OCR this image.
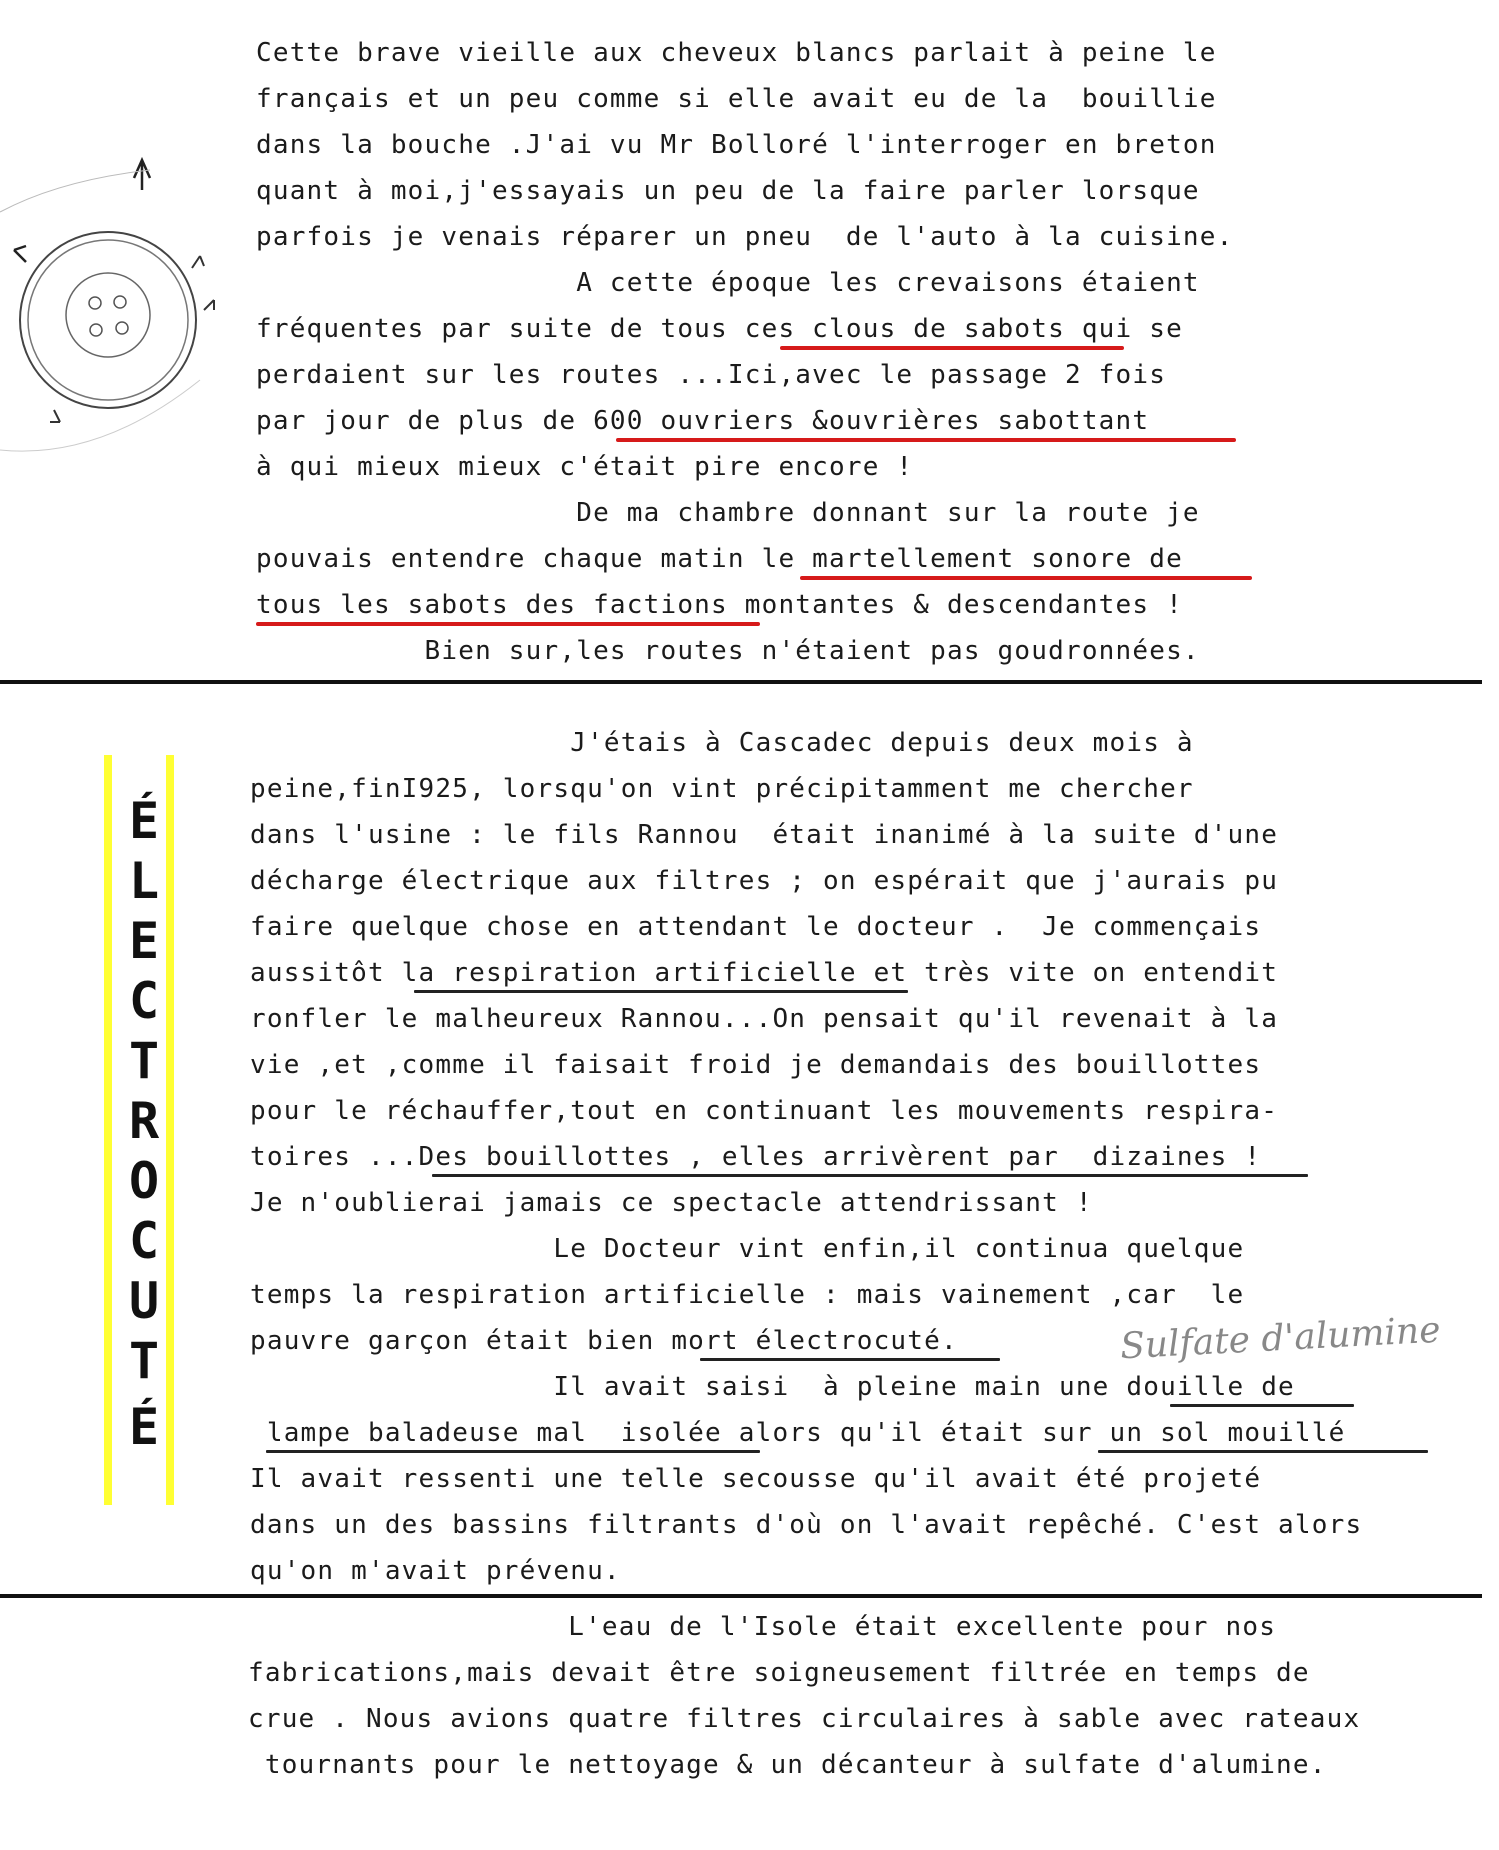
Cette brave vieille aux cheveux blancs parlait à peine le
français et un peu comme si elle avait eu de la  bouillie
dans la bouche .J'ai vu Mr Bolloré l'interroger en breton
quant à moi,j'essayais un peu de la faire parler lorsque
parfois je venais réparer un pneu  de l'auto à la cuisine.
A cette époque les crevaisons étaient
fréquentes par suite de tous ces clous de sabots qui se
perdaient sur les routes ...Ici,avec le passage 2 fois
par jour de plus de 600 ouvriers &ouvrières sabottant
à qui mieux mieux c'était pire encore !
De ma chambre donnant sur la route je
pouvais entendre chaque matin le martellement sonore de
tous les sabots des factions montantes & descendantes !
Bien sur,les routes n'étaient pas goudronnées.
É
L
E
C
T
R
O
C
U
T
É
J'étais à Cascadec depuis deux mois à
peine,finI925, lorsqu'on vint précipitamment me chercher
dans l'usine : le fils Rannou  était inanimé à la suite d'une
décharge électrique aux filtres ; on espérait que j'aurais pu
faire quelque chose en attendant le docteur .  Je commençais
aussitôt la respiration artificielle et très vite on entendit
ronfler le malheureux Rannou...On pensait qu'il revenait à la
vie ,et ,comme il faisait froid je demandais des bouillottes
pour le réchauffer,tout en continuant les mouvements respira-
toires ...Des bouillottes , elles arrivèrent par  dizaines !
Je n'oublierai jamais ce spectacle attendrissant !
Le Docteur vint enfin,il continua quelque
temps la respiration artificielle : mais vainement ,car  le
pauvre garçon était bien mort électrocuté.
Il avait saisi  à pleine main une douille de
lampe baladeuse mal  isolée alors qu'il était sur un sol mouillé
Il avait ressenti une telle secousse qu'il avait été projeté
dans un des bassins filtrants d'où on l'avait repêché. C'est alors
qu'on m'avait prévenu.
Sulfate d'alumine
L'eau de l'Isole était excellente pour nos
fabrications,mais devait être soigneusement filtrée en temps de
crue . Nous avions quatre filtres circulaires à sable avec rateaux
tournants pour le nettoyage & un décanteur à sulfate d'alumine.
